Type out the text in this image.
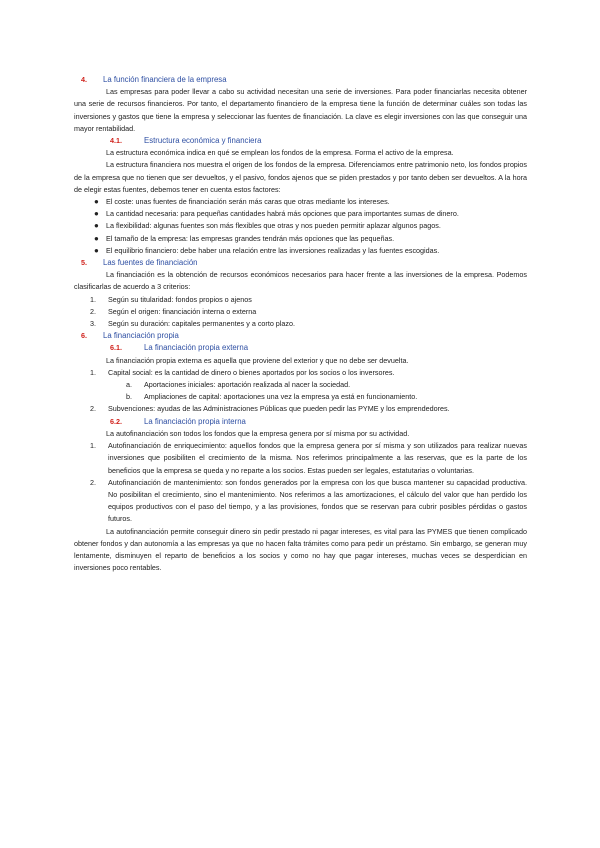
4.	La función financiera de la empresa

Las empresas para poder llevar a cabo su actividad necesitan una serie de inversiones. Para poder financiarlas necesita obtener una serie de recursos financieros. Por tanto, el departamento financiero de la empresa tiene la función de determinar cuáles son todas las inversiones y gastos que tiene la empresa y seleccionar las fuentes de financiación. La clave es elegir inversiones con las que conseguir una mayor rentabilidad.

4.1.	Estructura económica y financiera

La estructura económica indica en qué se emplean los fondos de la empresa. Forma el activo de la empresa.

La estructura financiera nos muestra el origen de los fondos de la empresa. Diferenciamos entre patrimonio neto, los fondos propios de la empresa que no tienen que ser devueltos, y el pasivo, fondos ajenos que se piden prestados y por tanto deben ser devueltos. A la hora de elegir estas fuentes, debemos tener en cuenta estos factores:

● El coste: unas fuentes de financiación serán más caras que otras mediante los intereses.
● La cantidad necesaria: para pequeñas cantidades habrá más opciones que para importantes sumas de dinero.
● La flexibilidad: algunas fuentes son más flexibles que otras y nos pueden permitir aplazar algunos pagos.
● El tamaño de la empresa: las empresas grandes tendrán más opciones que las pequeñas.
● El equilibrio financiero: debe haber una relación entre las inversiones realizadas y las fuentes escogidas.
5.	Las fuentes de financiación

La financiación es la obtención de recursos económicos necesarios para hacer frente a las inversiones de la empresa. Podemos clasificarlas de acuerdo a 3 criterios:

1.	Según su titularidad: fondos propios o ajenos
2.	Según el origen: financiación interna o externa
3.	Según su duración: capitales permanentes y a corto plazo.
6.	La financiación propia
6.1.	La financiación propia externa

La financiación propia externa es aquella que proviene del exterior y que no debe ser devuelta.

1.	Capital social: es la cantidad de dinero o bienes aportados por los socios o los inversores.
a.	Aportaciones iniciales: aportación realizada al nacer la sociedad.
b.	Ampliaciones de capital: aportaciones una vez la empresa ya está en funcionamiento.
2.	Subvenciones: ayudas de las Administraciones Públicas que pueden pedir las PYME y los emprendedores.
6.2.	La financiación propia interna

La autofinanciación son todos los fondos que la empresa genera por sí misma por su actividad.

1.	Autofinanciación de enriquecimiento: aquellos fondos que la empresa genera por sí misma y son utilizados para realizar nuevas inversiones que posibiliten el crecimiento de la misma. Nos referimos principalmente a las reservas, que es la parte de los beneficios que la empresa se queda y no reparte a los socios. Estas pueden ser legales, estatutarias o voluntarias.
2.	Autofinanciación de mantenimiento: son fondos generados por la empresa con los que busca mantener su capacidad productiva. No posibilitan el crecimiento, sino el mantenimiento. Nos referimos a las amortizaciones, el cálculo del valor que han perdido los equipos productivos con el paso del tiempo, y a las provisiones, fondos que se reservan para cubrir posibles pérdidas o gastos futuros.

La autofinanciación permite conseguir dinero sin pedir prestado ni pagar intereses, es vital para las PYMES que tienen complicado obtener fondos y dan autonomía a las empresas ya que no hacen falta trámites como para pedir un préstamo. Sin embargo, se generan muy lentamente, disminuyen el reparto de beneficios a los socios y como no hay que pagar intereses, muchas veces se desperdician en inversiones poco rentables.
